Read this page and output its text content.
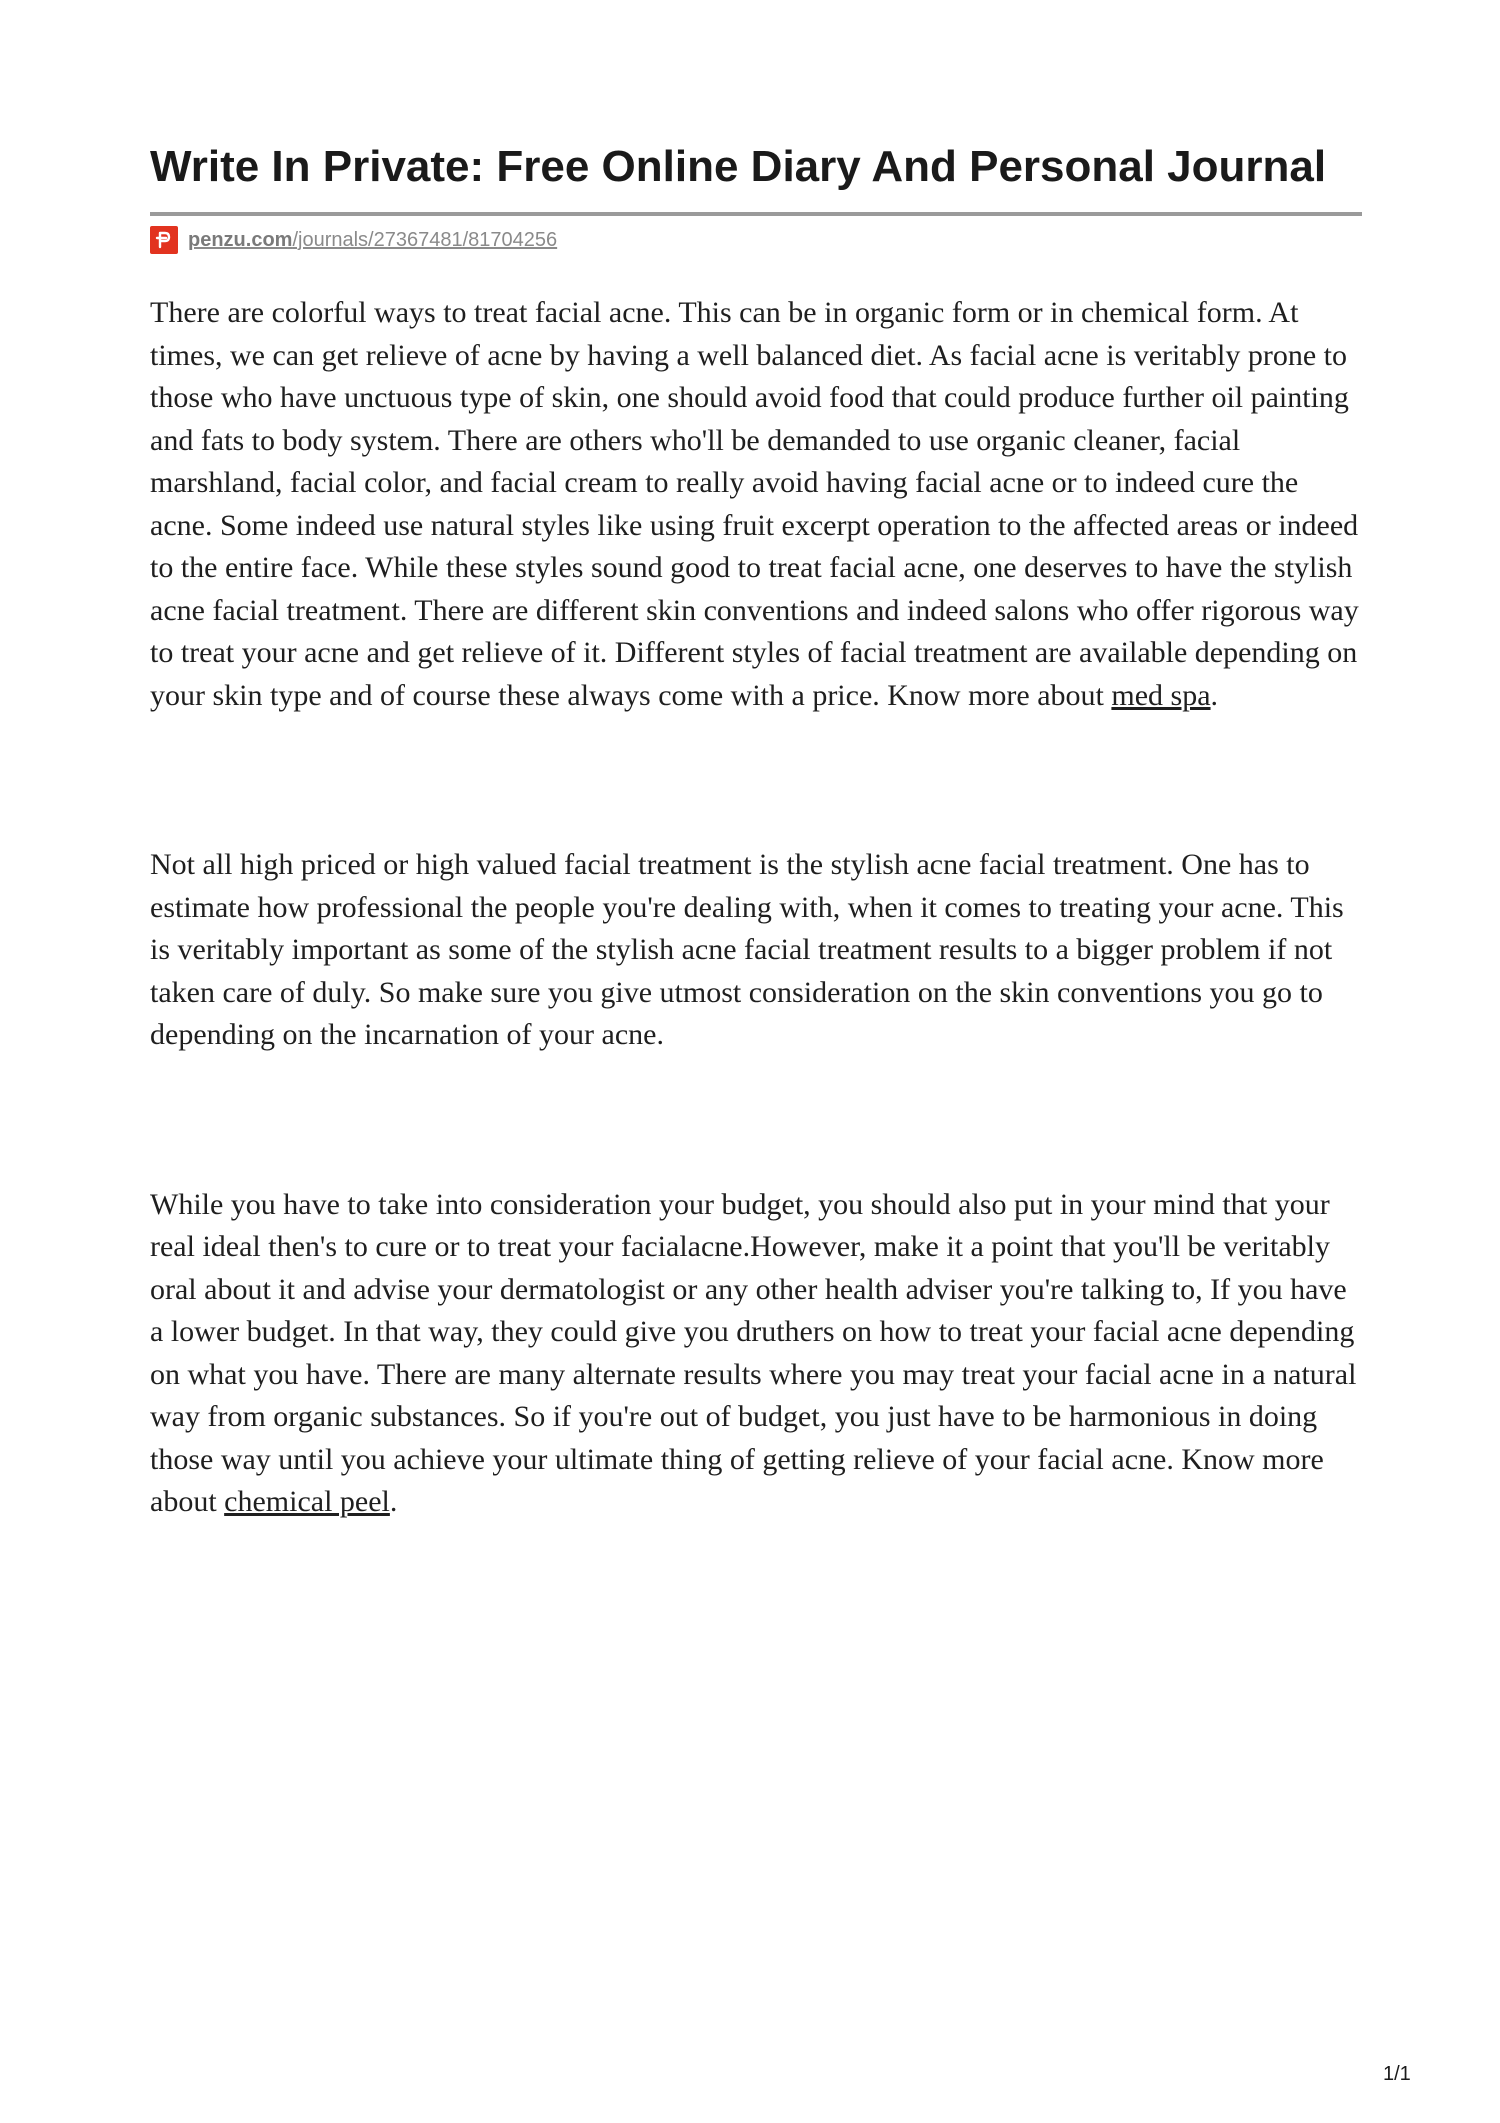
Write In Private: Free Online Diary And Personal Journal
penzu.com/journals/27367481/81704256

There are colorful ways to treat facial acne. This can be in organic form or in chemical form. At times, we can get relieve of acne by having a well balanced diet. As facial acne is veritably prone to those who have unctuous type of skin, one should avoid food that could produce further oil painting and fats to body system. There are others who'll be demanded to use organic cleaner, facial marshland, facial color, and facial cream to really avoid having facial acne or to indeed cure the acne. Some indeed use natural styles like using fruit excerpt operation to the affected areas or indeed to the entire face. While these styles sound good to treat facial acne, one deserves to have the stylish acne facial treatment. There are different skin conventions and indeed salons who offer rigorous way to treat your acne and get relieve of it. Different styles of facial treatment are available depending on your skin type and of course these always come with a price. Know more about med spa.

Not all high priced or high valued facial treatment is the stylish acne facial treatment. One has to estimate how professional the people you're dealing with, when it comes to treating your acne. This is veritably important as some of the stylish acne facial treatment results to a bigger problem if not taken care of duly. So make sure you give utmost consideration on the skin conventions you go to depending on the incarnation of your acne.

While you have to take into consideration your budget, you should also put in your mind that your real ideal then's to cure or to treat your facialacne.However, make it a point that you'll be veritably oral about it and advise your dermatologist or any other health adviser you're talking to, If you have a lower budget. In that way, they could give you druthers on how to treat your facial acne depending on what you have. There are many alternate results where you may treat your facial acne in a natural way from organic substances. So if you're out of budget, you just have to be harmonious in doing those way until you achieve your ultimate thing of getting relieve of your facial acne. Know more about chemical peel.

1/1
